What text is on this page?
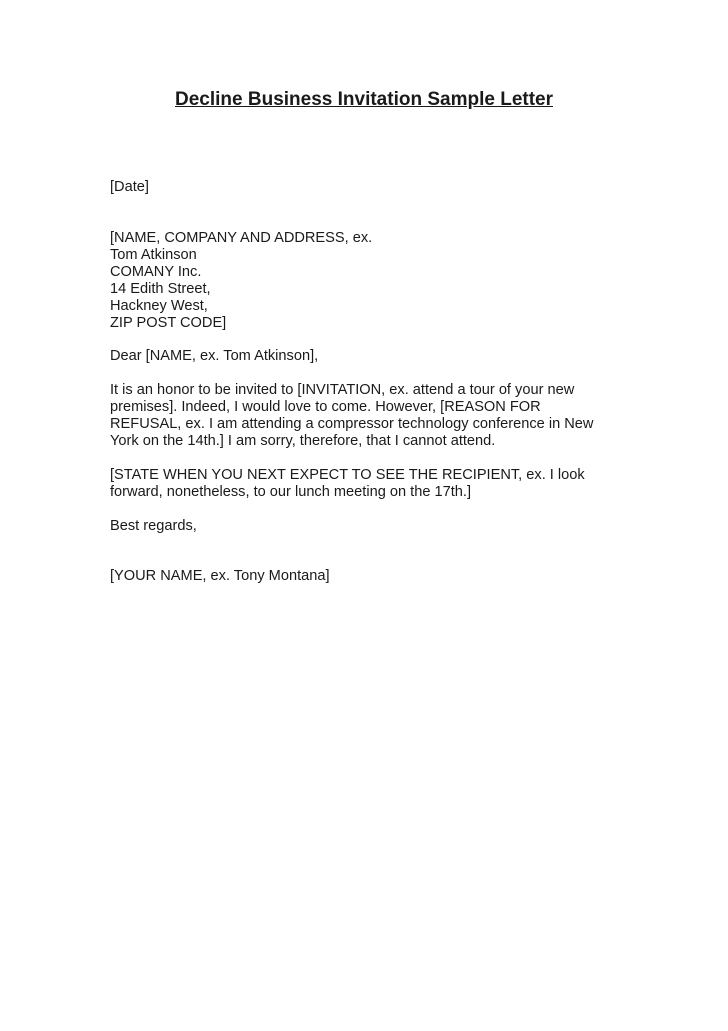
Decline Business Invitation Sample Letter
[Date]
[NAME, COMPANY AND ADDRESS, ex.
Tom Atkinson
COMANY Inc.
14 Edith Street,
Hackney West,
ZIP POST CODE]
Dear [NAME, ex. Tom Atkinson],
It is an honor to be invited to [INVITATION, ex. attend a tour of your new
premises]. Indeed, I would love to come. However, [REASON FOR
REFUSAL, ex. I am attending a compressor technology conference in New
York on the 14th.] I am sorry, therefore, that I cannot attend.
[STATE WHEN YOU NEXT EXPECT TO SEE THE RECIPIENT, ex. I look
forward, nonetheless, to our lunch meeting on the 17th.]
Best regards,
[YOUR NAME, ex. Tony Montana]
